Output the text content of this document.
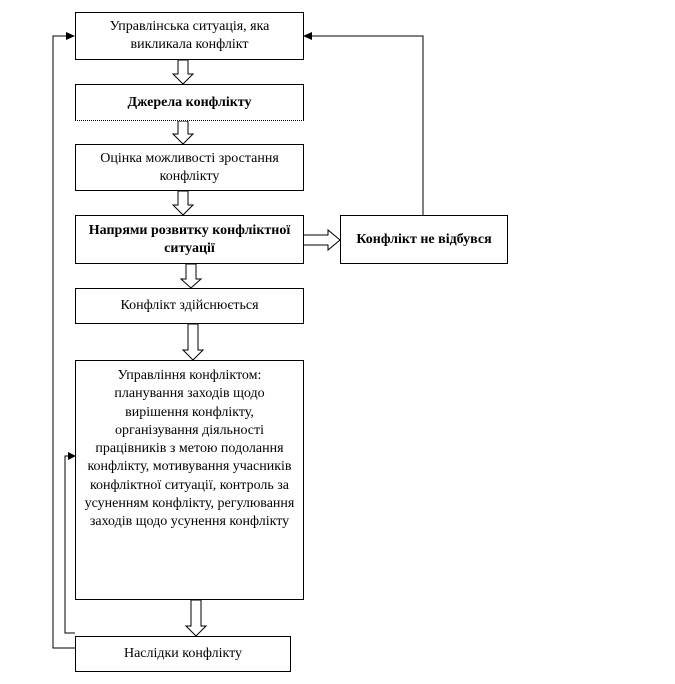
Управлінська ситуація, яка викликала конфлікт
Джерела конфлікту
Оцінка можливості зростання конфлікту
Напрями розвитку конфліктної ситуації
Конфлікт не відбувся
Конфлікт здійснюється
Управління конфліктом: планування заходів щодо вирішення конфлікту, організування діяльності працівників з метою подолання конфлікту, мотивування учасників конфліктної ситуації, контроль за усуненням конфлікту, регулювання заходів щодо усунення конфлікту
Наслідки конфлікту
